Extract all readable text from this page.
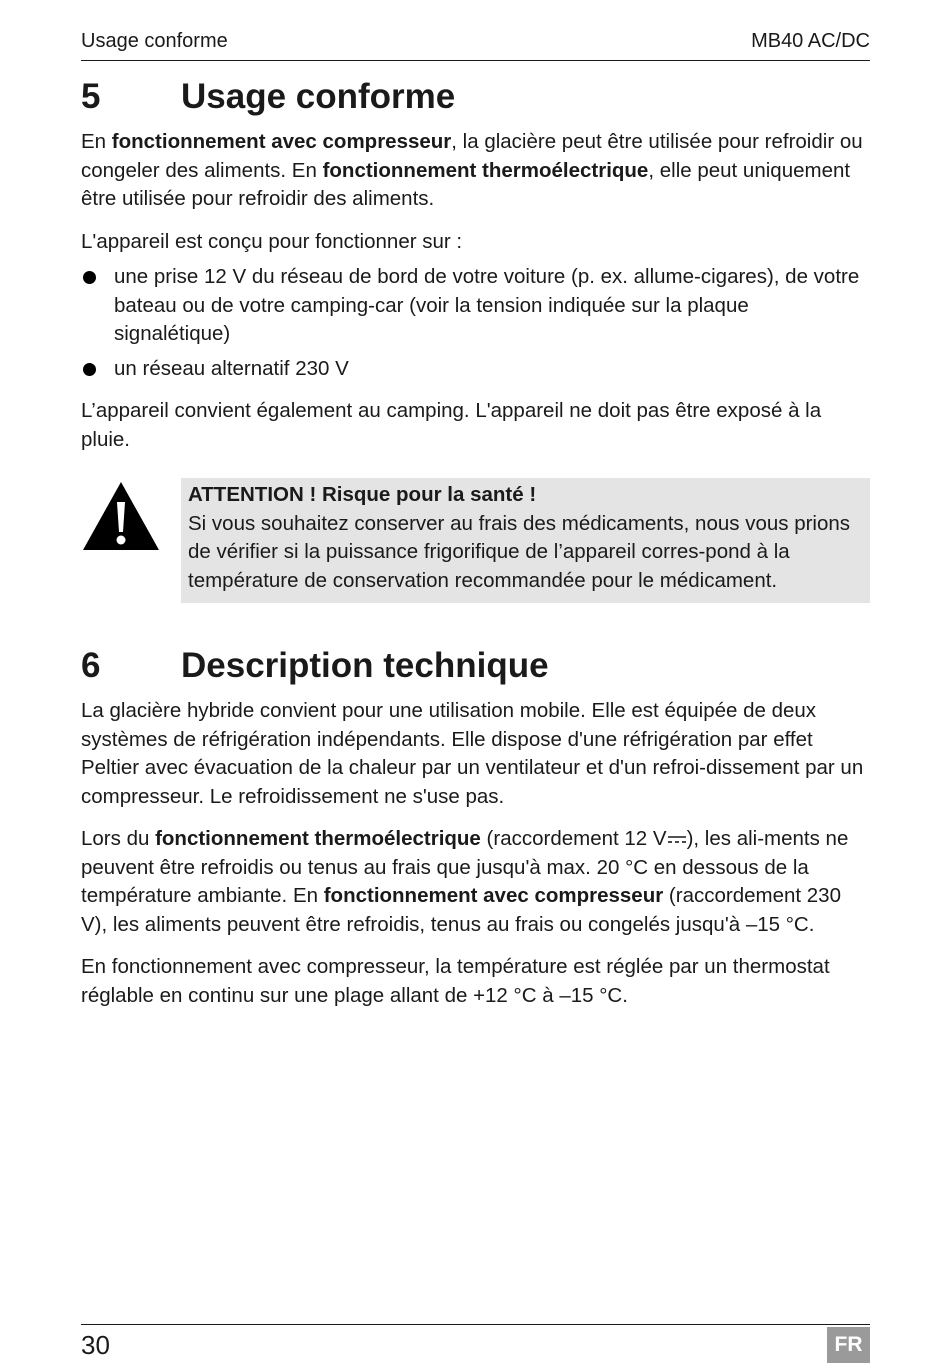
Usage conforme	MB40 AC/DC
5	Usage conforme

En fonctionnement avec compresseur, la glacière peut être utilisée pour refroidir ou congeler des aliments. En fonctionnement thermoélectrique, elle peut uniquement être utilisée pour refroidir des aliments.

L'appareil est conçu pour fonctionner sur :

une prise 12 V du réseau de bord de votre voiture (p. ex. allume-cigares), de votre bateau ou de votre camping-car (voir la tension indiquée sur la plaque signalétique)
un réseau alternatif 230 V

L’appareil convient également au camping. L'appareil ne doit pas être exposé à la pluie.

ATTENTION ! Risque pour la santé !

Si vous souhaitez conserver au frais des médicaments, nous vous prions de vérifier si la puissance frigorifique de l’appareil corres-pond à la température de conservation recommandée pour le médicament.

6	Description technique

La glacière hybride convient pour une utilisation mobile. Elle est équipée de deux systèmes de réfrigération indépendants. Elle dispose d'une réfrigération par effet Peltier avec évacuation de la chaleur par un ventilateur et d'un refroi-dissement par un compresseur. Le refroidissement ne s'use pas.

Lors du fonctionnement thermoélectrique (raccordement 12 V ), les ali-ments ne peuvent être refroidis ou tenus au frais que jusqu'à max. 20 °C en dessous de la température ambiante. En fonctionnement avec compresseur (raccordement 230 V), les aliments peuvent être refroidis, tenus au frais ou congelés jusqu'à –15 °C.

En fonctionnement avec compresseur, la température est réglée par un thermostat réglable en continu sur une plage allant de +12 °C à –15 °C.

30	FR
